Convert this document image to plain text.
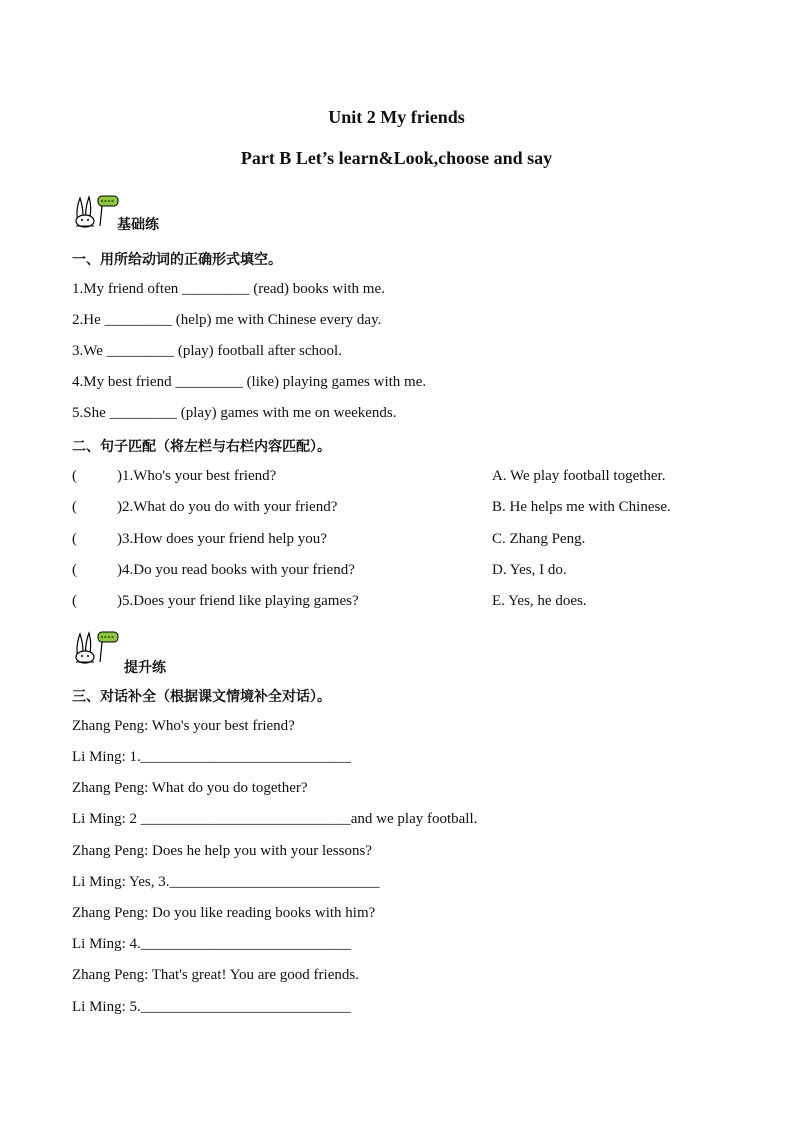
Unit 2 My friends
Part B Let’s learn&Look,choose and say
基础练
一、用所给动词的正确形式填空。
1.My friend often _________ (read) books with me.
2.He _________ (help) me with Chinese every day.
3.We _________ (play) football after school.
4.My best friend _________ (like) playing games with me.
5.She _________ (play) games with me on weekends.
二、句子匹配（将左栏与右栏内容匹配）。
(	)1.Who's your best friend?	A. We play football together.
(	)2.What do you do with your friend?	B. He helps me with Chinese.
(	)3.How does your friend help you?	C. Zhang Peng.
(	)4.Do you read books with your friend?	D. Yes, I do.
(	)5.Does your friend like playing games?	E. Yes, he does.
提升练
三、对话补全（根据课文情境补全对话）。
Zhang Peng: Who's your best friend?
Li Ming: 1.____________________________
Zhang Peng: What do you do together?
Li Ming: 2 ____________________________and we play football.
Zhang Peng: Does he help you with your lessons?
Li Ming: Yes, 3.____________________________
Zhang Peng: Do you like reading books with him?
Li Ming: 4.____________________________
Zhang Peng: That's great! You are good friends.
Li Ming: 5.____________________________
